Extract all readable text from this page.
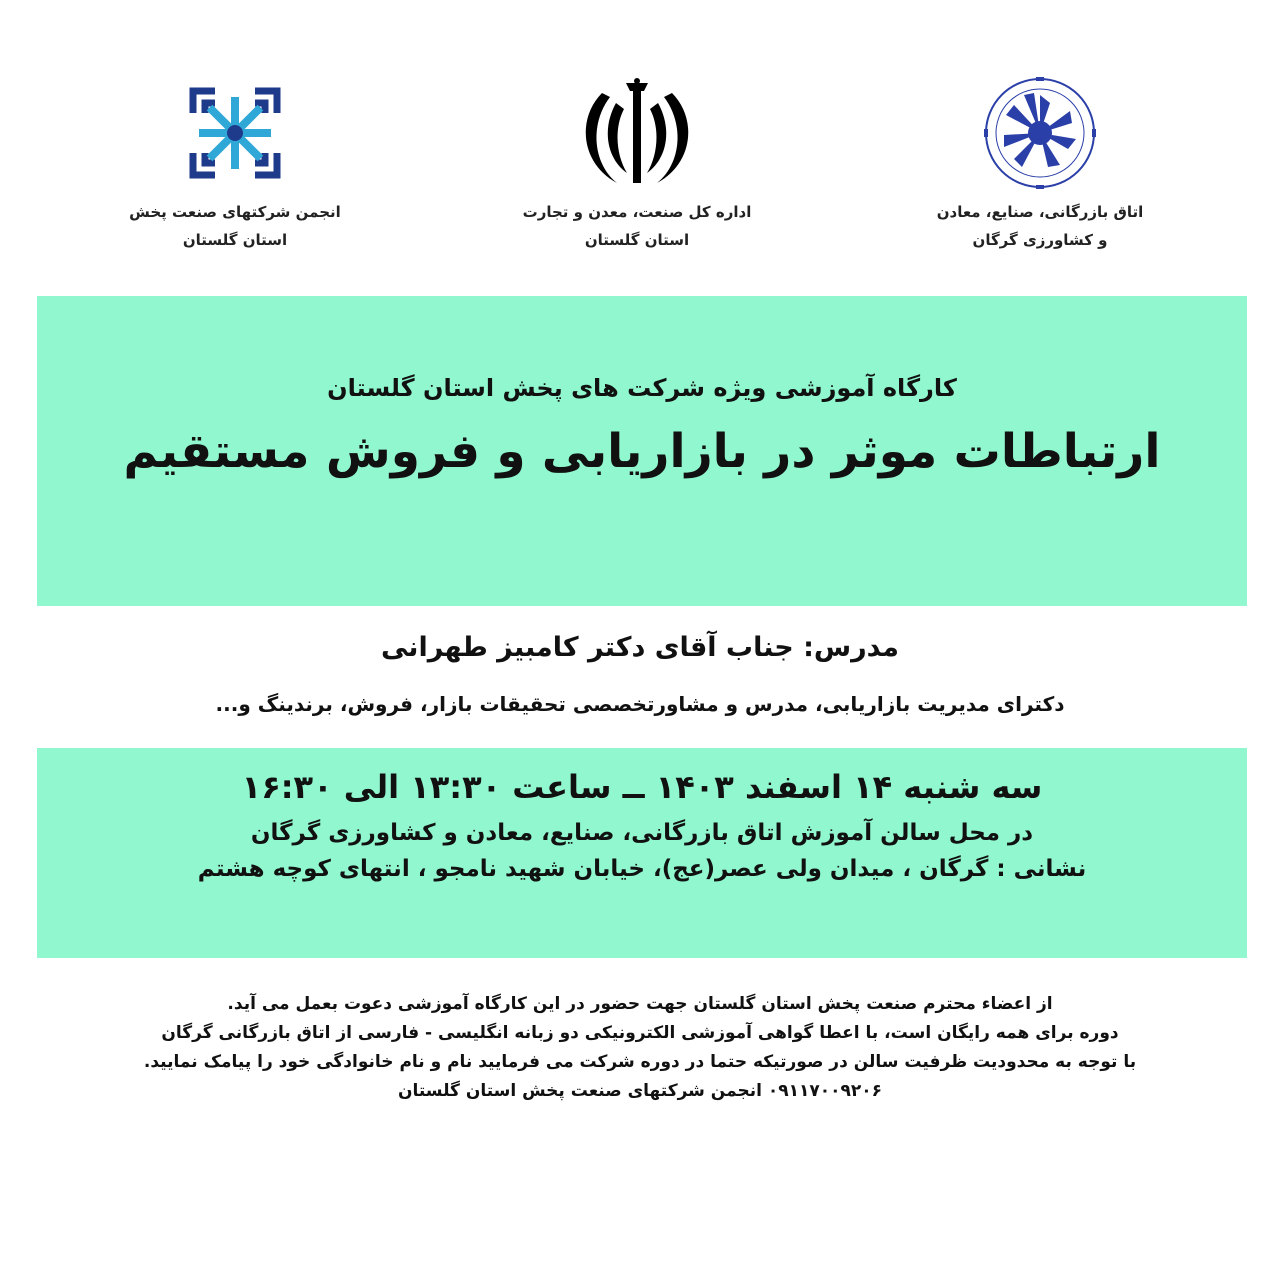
اتاق بازرگانی، صنایع، معادن
و کشاورزی گرگان
اداره کل صنعت، معدن و تجارت
استان گلستان
انجمن شرکتهای صنعت پخش
استان گلستان
کارگاه آموزشی ویژه شرکت های پخش استان گلستان
ارتباطات موثر در بازاریابی و فروش مستقیم
مدرس: جناب آقای دکتر کامبیز طهرانی
دکترای مدیریت بازاریابی، مدرس و مشاورتخصصی تحقیقات بازار، فروش، برندینگ و...
سه شنبه ۱۴ اسفند ۱۴۰۳ ــ ساعت ۱۳:۳۰ الی ۱۶:۳۰
در محل سالن آموزش اتاق بازرگانی، صنایع، معادن و کشاورزی گرگان
نشانی : گرگان ، میدان ولی عصر(عج)، خیابان شهید نامجو ، انتهای کوچه هشتم
از اعضاء محترم صنعت پخش استان گلستان جهت حضور در این کارگاه آموزشی دعوت بعمل می آید.
دوره برای همه رایگان است، با اعطا گواهی آموزشی الکترونیکی دو زبانه انگلیسی - فارسی از اتاق بازرگانی گرگان
با توجه به محدودیت ظرفیت سالن در صورتیکه حتما در دوره شرکت می فرمایید نام و نام خانوادگی خود را پیامک نمایید.
۰۹۱۱۷۰۰۹۲۰۶ انجمن شرکتهای صنعت پخش استان گلستان
